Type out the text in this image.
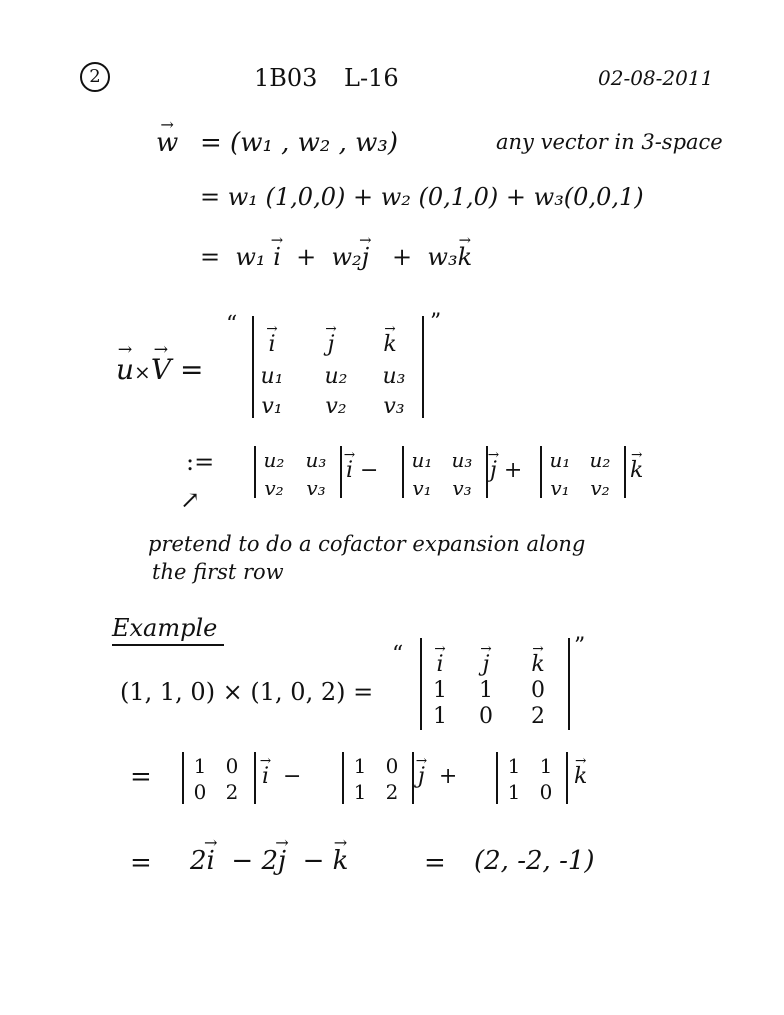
2	1B03 L-16	02-08-2011
→ w = (w₁ , w₂ , w₃)	any vector in 3-space
= w₁ (1,0,0) + w₂ (0,1,0) + w₃(0,0,1)
= w₁ → i + w₂→ j + w₃→ k
→ u×→ V =
“	”
→ i	→ j	→ k
u₁	u₂	u₃
v₁	v₂	v₃
:=	u₂	u₃
v₂	v₃
→ i −	u₁ u₃
v₁	v₃
→ j +	u₁ u₂
v₁	v₂
→ k
↗
pretend to do a cofactor expansion along
the first row
Example
(1, 1, 0) × (1, 0, 2) =
“	”
→ i	→ j	→ k
1	1	0
1	0	2
=	1 0
0 2
→ i −	1 0
1 2
→ j +	1 1
1 0
→ k
= 2→ i − 2→ j − → k	= (2, -2, -1)
